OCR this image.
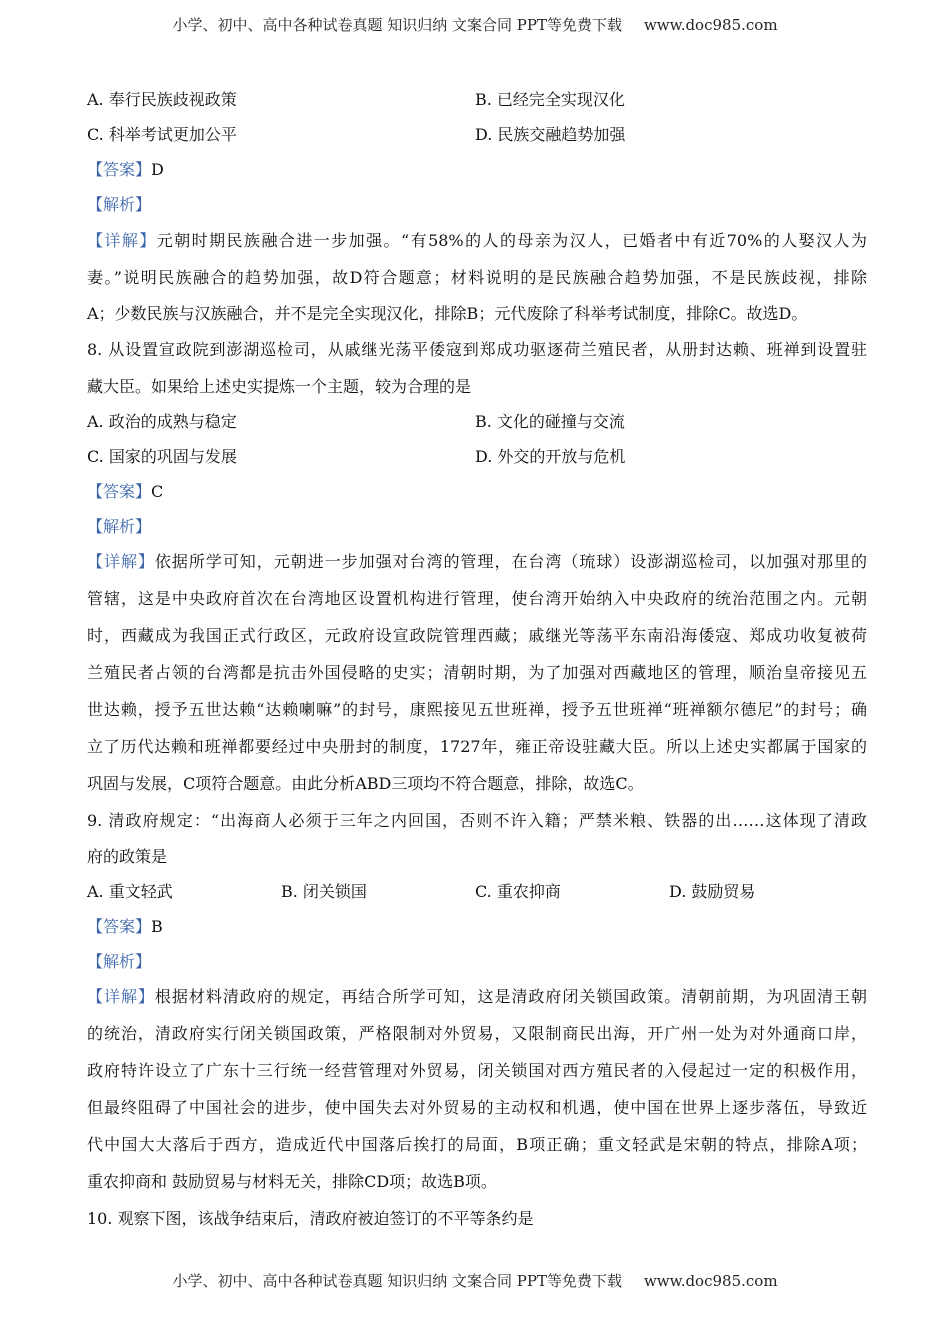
小学、初中、高中各种试卷真题 知识归纳 文案合同 PPT等免费下载 www.doc985.com
A. 奉行民族歧视政策	B. 已经完全实现汉化
C. 科举考试更加公平	D. 民族交融趋势加强
【答案】D
【解析】
【详解】元朝时期民族融合进一步加强。“有58%的人的母亲为汉人，已婚者中有近70%的人娶汉人为
妻。”说明民族融合的趋势加强，故D符合题意；材料说明的是民族融合趋势加强，不是民族歧视，排除
A；少数民族与汉族融合，并不是完全实现汉化，排除B；元代废除了科举考试制度，排除C。故选D。
8. 从设置宣政院到澎湖巡检司，从戚继光荡平倭寇到郑成功驱逐荷兰殖民者，从册封达赖、班禅到设置驻
藏大臣。如果给上述史实提炼一个主题，较为合理的是
A. 政治的成熟与稳定	B. 文化的碰撞与交流
C. 国家的巩固与发展	D. 外交的开放与危机
【答案】C
【解析】
【详解】依据所学可知，元朝进一步加强对台湾的管理，在台湾（琉球）设澎湖巡检司，以加强对那里的
管辖，这是中央政府首次在台湾地区设置机构进行管理，使台湾开始纳入中央政府的统治范围之内。元朝
时，西藏成为我国正式行政区，元政府设宣政院管理西藏；戚继光等荡平东南沿海倭寇、郑成功收复被荷
兰殖民者占领的台湾都是抗击外国侵略的史实；清朝时期，为了加强对西藏地区的管理，顺治皇帝接见五
世达赖，授予五世达赖“达赖喇嘛”的封号，康熙接见五世班禅，授予五世班禅“班禅额尔德尼”的封号；确
立了历代达赖和班禅都要经过中央册封的制度，1727年，雍正帝设驻藏大臣。所以上述史实都属于国家的
巩固与发展，C项符合题意。由此分析ABD三项均不符合题意，排除，故选C。
9. 清政府规定：“出海商人必须于三年之内回国，否则不许入籍；严禁米粮、铁器的出……这体现了清政
府的政策是
A. 重文轻武	B. 闭关锁国	C. 重农抑商	D. 鼓励贸易
【答案】B
【解析】
【详解】根据材料清政府的规定，再结合所学可知，这是清政府闭关锁国政策。清朝前期，为巩固清王朝
的统治，清政府实行闭关锁国政策，严格限制对外贸易，又限制商民出海，开广州一处为对外通商口岸，
政府特许设立了广东十三行统一经营管理对外贸易，闭关锁国对西方殖民者的入侵起过一定的积极作用，
但最终阻碍了中国社会的进步，使中国失去对外贸易的主动权和机遇，使中国在世界上逐步落伍，导致近
代中国大大落后于西方，造成近代中国落后挨打的局面，B项正确；重文轻武是宋朝的特点，排除A项；
重农抑商和 鼓励贸易与材料无关，排除CD项；故选B项。
10. 观察下图，该战争结束后，清政府被迫签订的不平等条约是
小学、初中、高中各种试卷真题 知识归纳 文案合同 PPT等免费下载 www.doc985.com
